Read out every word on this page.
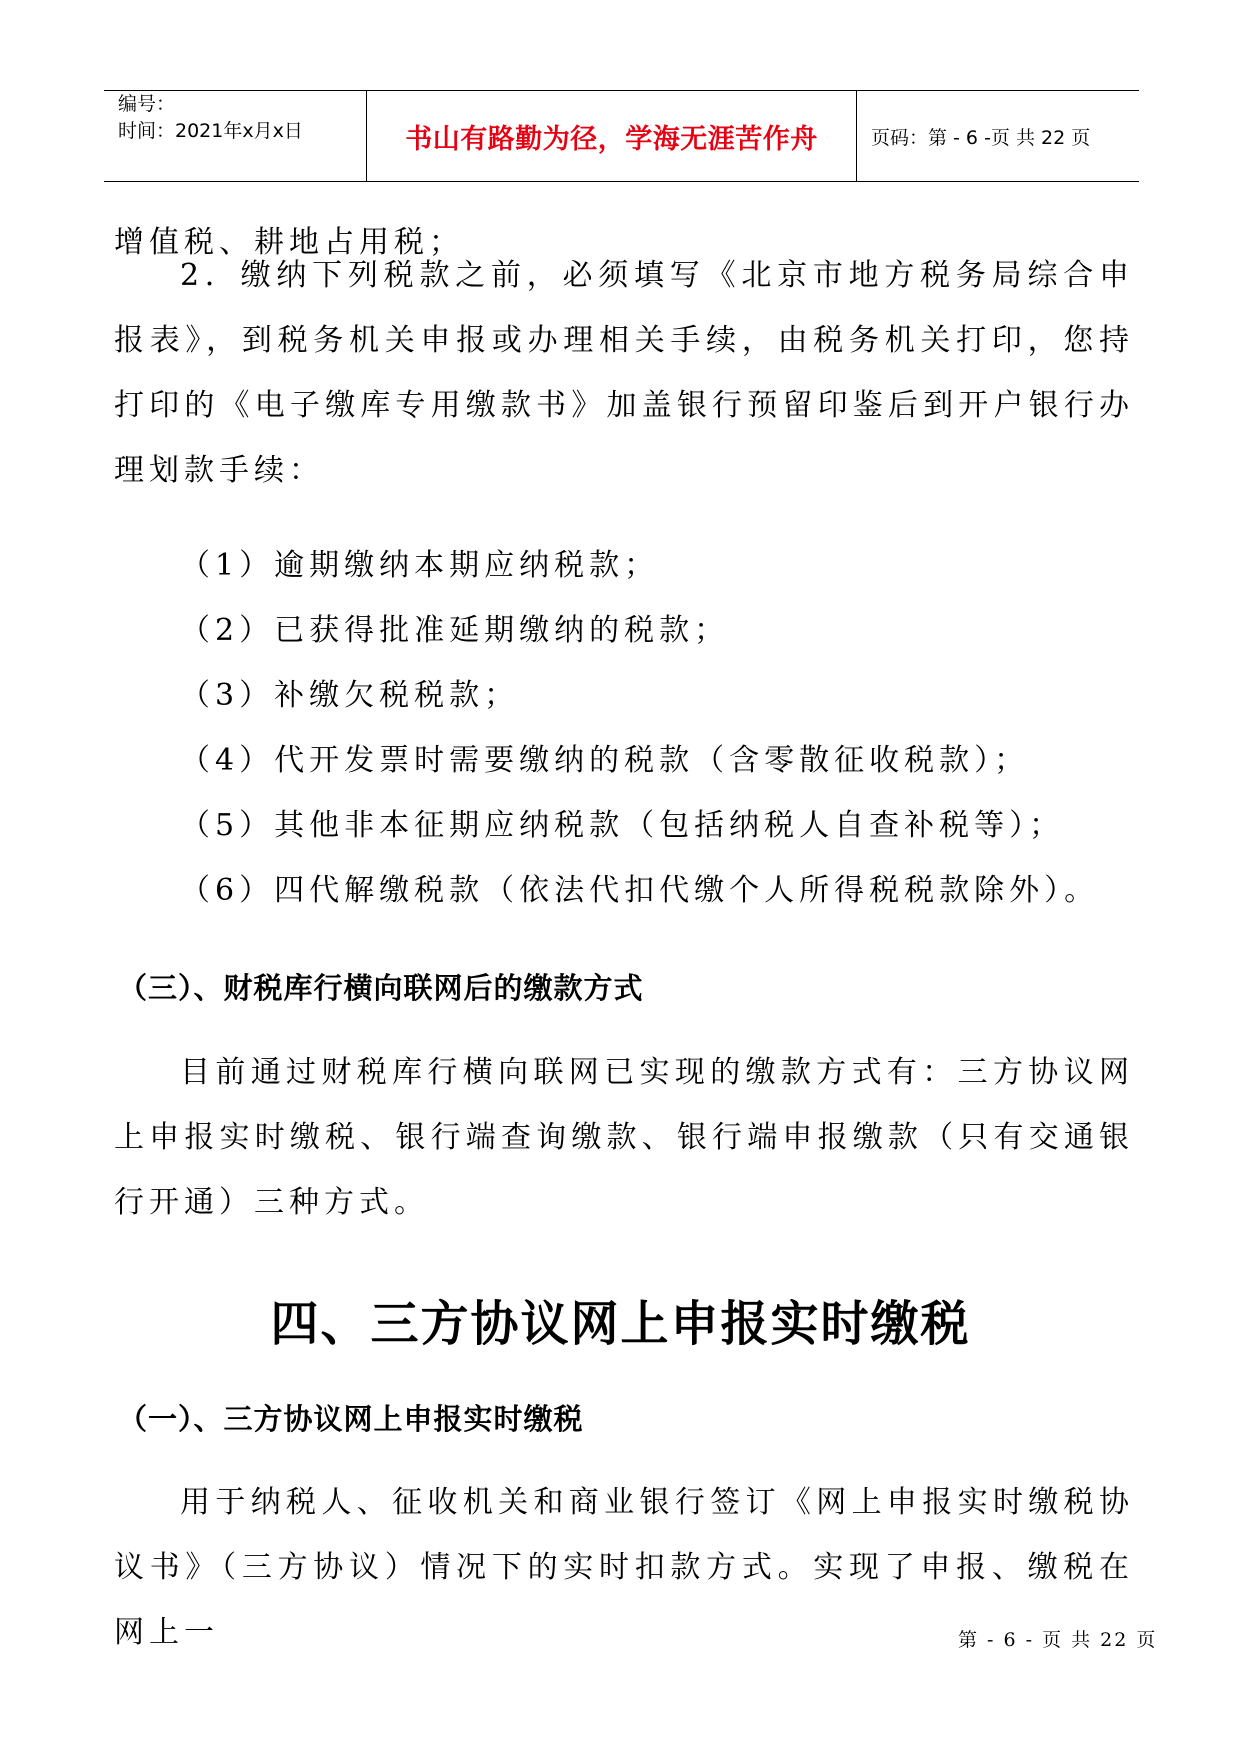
编号：
时间：2021年x月x日	书山有路勤为径，学海无涯苦作舟	页码：第 - 6 -页 共 22 页

增值税、耕地占用税；

2．缴纳下列税款之前，必须填写《北京市地方税务局综合申报表》，到税务机关申报或办理相关手续，由税务机关打印，您持打印的《电子缴库专用缴款书》加盖银行预留印鉴后到开户银行办理划款手续：

（1）逾期缴纳本期应纳税款；

（2）已获得批准延期缴纳的税款；

（3）补缴欠税税款；

（4）代开发票时需要缴纳的税款（含零散征收税款）；

（5）其他非本征期应纳税款（包括纳税人自查补税等）；

（6）四代解缴税款（依法代扣代缴个人所得税税款除外）。

（三）、财税库行横向联网后的缴款方式

目前通过财税库行横向联网已实现的缴款方式有：三方协议网上申报实时缴税、银行端查询缴款、银行端申报缴款（只有交通银行开通）三种方式。

四、三方协议网上申报实时缴税

（一）、三方协议网上申报实时缴税

用于纳税人、征收机关和商业银行签订《网上申报实时缴税协议书》（三方协议）情况下的实时扣款方式。实现了申报、缴税在网上一	第 - 6 - 页 共 22 页
